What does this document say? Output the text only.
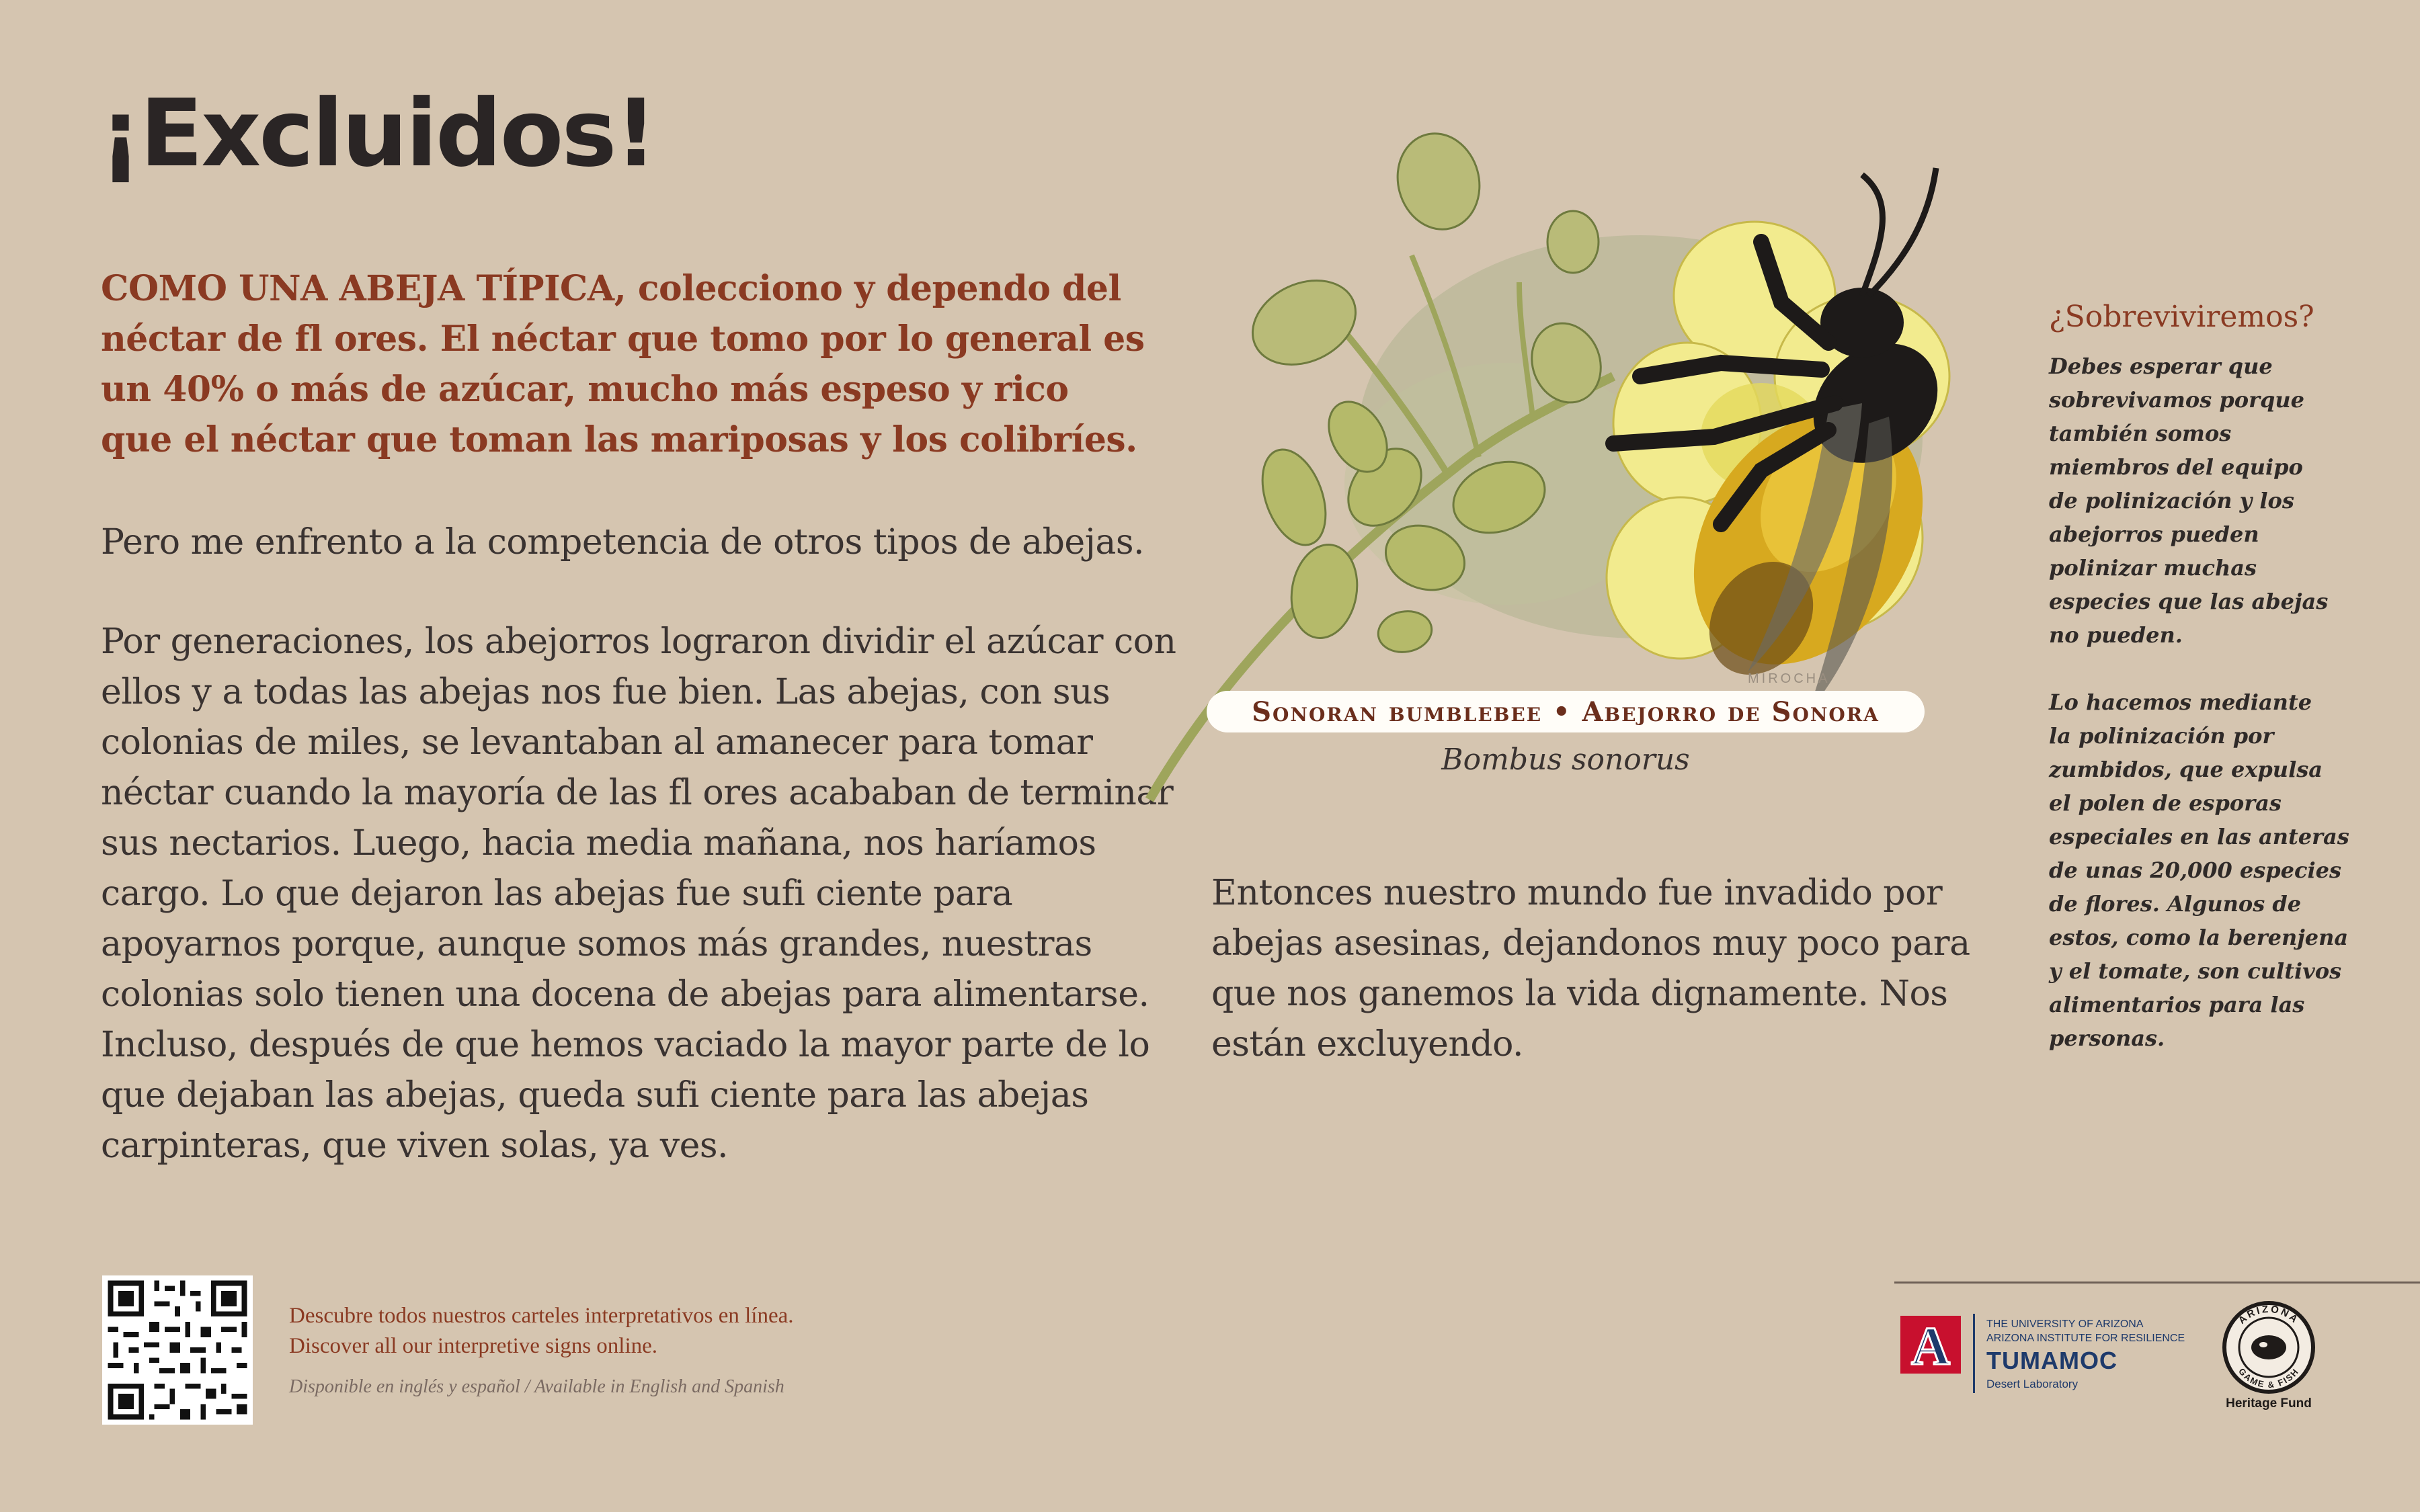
¡Excluidos!

COMO UNA ABEJA TÍPICA, colecciono y dependo del néctar de fl ores. El néctar que tomo por lo general es un 40% o más de azúcar, mucho más espeso y rico que el néctar que toman las mariposas y los colibríes.

Pero me enfrento a la competencia de otros tipos de abejas.

Por generaciones, los abejorros lograron dividir el azúcar con ellos y a todas las abejas nos fue bien. Las abejas, con sus colonias de miles, se levantaban al amanecer para tomar néctar cuando la mayoría de las fl ores acababan de terminar sus nectarios. Luego, hacia media mañana, nos haríamos cargo. Lo que dejaron las abejas fue sufi ciente para apoyarnos porque, aunque somos más grandes, nuestras colonias solo tienen una docena de abejas para alimentarse. Incluso, después de que hemos vaciado la mayor parte de lo que dejaban las abejas, queda sufi ciente para las abejas carpinteras, que viven solas, ya ves.

MIROCHA
Sonoran bumblebee • Abejorro de Sonora
Bombus sonorus

Entonces nuestro mundo fue invadido por abejas asesinas, dejandonos muy poco para que nos ganemos la vida dignamente. Nos están excluyendo.

¿Sobreviviremos?

Debes esperar que
sobrevivamos porque
también somos
miembros del equipo
de polinización y los
abejorros pueden
polinizar muchas
especies que las abejas
no pueden.

Lo hacemos mediante
la polinización por
zumbidos, que expulsa
el polen de esporas
especiales en las anteras
de unas 20,000 especies
de flores. Algunos de
estos, como la berenjena
y el tomate, son cultivos
alimentarios para las
personas.

Descubre todos nuestros carteles interpretativos en línea.
Discover all our interpretive signs online.
Disponible en inglés y español / Available in English and Spanish
A	THE UNIVERSITY OF ARIZONA
ARIZONA INSTITUTE FOR RESILIENCE
TUMAMOC
Desert Laboratory
ARIZONA
GAME & FISH
Heritage Fund
